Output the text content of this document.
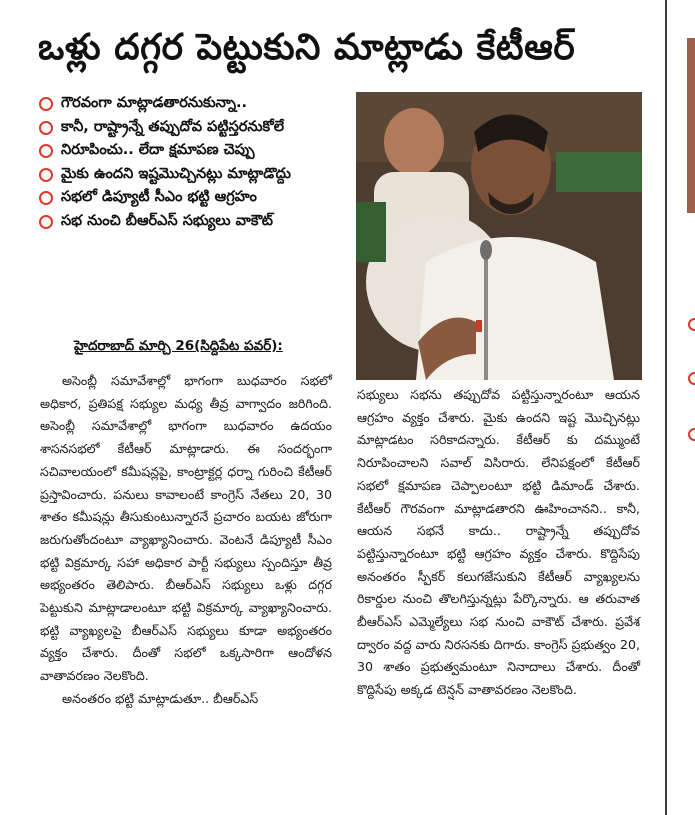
ఒళ్లు దగ్గర పెట్టుకుని మాట్లాడు కేటీఆర్
గౌరవంగా మాట్లాడతారనుకున్నా..
కానీ, రాష్ట్రాన్నే తప్పుదోవ పట్టిస్తరనుకోలే
నిరూపించు.. లేదా క్షమాపణ చెప్పు
మైకు ఉందని ఇష్టమొచ్చినట్లు మాట్లాడొద్దు
సభలో డిప్యూటీ సీఎం భట్టి ఆగ్రహం
సభ నుంచి బీఆర్ఎస్ సభ్యులు వాకౌట్
హైదరాబాద్ మార్చి 26(సిద్దిపేట పవర్):

అసెంబ్లీ సమావేశాల్లో భాగంగా బుధవారం సభలో అధికార, ప్రతిపక్ష సభ్యుల మధ్య తీవ్ర వాగ్వాదం జరిగింది. అసెంబ్లీ సమావేశాల్లో భాగంగా బుధవారం ఉదయం శాసనసభలో కేటీఆర్ మాట్లాడారు. ఈ సందర్భంగా సచివాలయంలో కమీషన్లపై, కాంట్రాక్టర్ల ధర్నా గురించి కేటీఆర్ ప్రస్తావించారు. పనులు కావాలంటే కాంగ్రెస్ నేతలు 20, 30 శాతం కమీషన్లు తీసుకుంటున్నారనే ప్రచారం బయట జోరుగా జరుగుతోందంటూ వ్యాఖ్యానించారు. వెంటనే డిప్యూటీ సీఎం భట్టి విక్రమార్క సహా అధికార పార్టీ సభ్యులు స్పందిస్తూ తీవ్ర అభ్యంతరం తెలిపారు. బీఆర్ఎస్ సభ్యులు ఒళ్లు దగ్గర పెట్టుకుని మాట్లాడాలంటూ భట్టి విక్రమార్క వ్యాఖ్యానించారు. భట్టి వ్యాఖ్యలపై బీఆర్ఎస్ సభ్యులు కూడా అభ్యంతరం వ్యక్తం చేశారు. దీంతో సభలో ఒక్కసారిగా ఆందోళన వాతావరణం నెలకొంది.

అనంతరం భట్టి మాట్లాడుతూ.. బీఆర్ఎస్

సభ్యులు సభను తప్పుదోవ పట్టిస్తున్నారంటూ ఆయన ఆగ్రహం వ్యక్తం చేశారు. మైకు ఉందని ఇష్ట మొచ్చినట్లు మాట్లాడటం సరికాదన్నారు. కేటీఆర్ కు దమ్ముంటే నిరూపించాలని సవాల్ విసిరారు. లేనిపక్షంలో కేటీఆర్ సభలో క్షమాపణ చెప్పాలంటూ భట్టి డిమాండ్ చేశారు. కేటీఆర్ గౌరవంగా మాట్లాడతారని ఊహించానని.. కానీ, ఆయన సభనే కాదు.. రాష్ట్రాన్నే తప్పుదోవ పట్టిస్తున్నారంటూ భట్టి ఆగ్రహం వ్యక్తం చేశారు. కొద్దిసేపు అనంతరం స్పీకర్ కలుగజేసుకుని కేటీఆర్ వ్యాఖ్యలను రికార్డుల నుంచి తొలగిస్తున్నట్లు పేర్కొన్నారు. ఆ తరువాత బీఆర్ఎస్ ఎమ్మెల్యేలు సభ నుంచి వాకౌట్ చేశారు. ప్రవేశ ద్వారం వద్ద వారు నిరసనకు దిగారు. కాంగ్రెస్ ప్రభుత్వం 20, 30 శాతం ప్రభుత్వమంటూ నినాదాలు చేశారు. దీంతో కొద్దిసేపు అక్కడ టెన్షన్ వాతావరణం నెలకొంది.
